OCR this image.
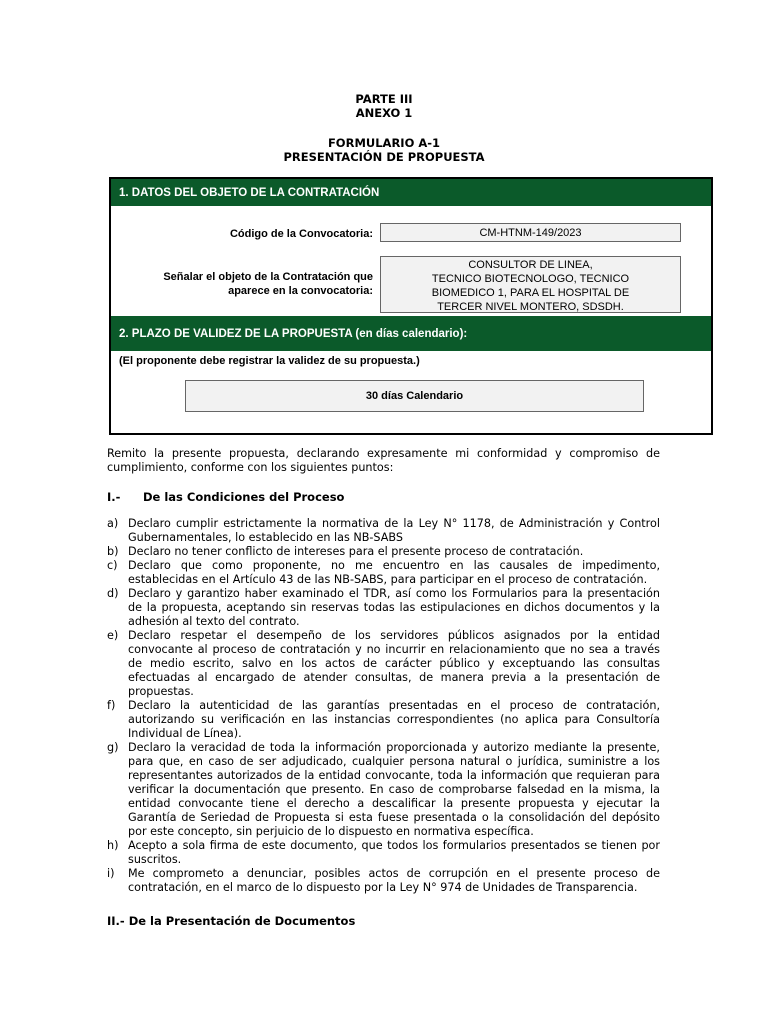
PARTE III
ANEXO 1
FORMULARIO A-1
PRESENTACIÓN DE PROPUESTA
1. DATOS DEL OBJETO DE LA CONTRATACIÓN
Código de la Convocatoria:	CM-HTNM-149/2023
Señalar el objeto de la Contratación que
aparece en la convocatoria:
CONSULTOR DE LINEA,
TECNICO BIOTECNOLOGO, TECNICO
BIOMEDICO 1, PARA EL HOSPITAL DE
TERCER NIVEL MONTERO, SDSDH.
2. PLAZO DE VALIDEZ DE LA PROPUESTA (en días calendario):
(El proponente debe registrar la validez de su propuesta.)
30 días Calendario
Remito la presente propuesta, declarando expresamente mi conformidad y compromiso de cumplimiento, conforme con los siguientes puntos:
I.- De las Condiciones del Proceso
a) Declaro cumplir estrictamente la normativa de la Ley N° 1178, de Administración y Control Gubernamentales, lo establecido en las NB-SABS
b) Declaro no tener conflicto de intereses para el presente proceso de contratación.
c) Declaro que como proponente, no me encuentro en las causales de impedimento, establecidas en el Artículo 43 de las NB-SABS, para participar en el proceso de contratación.
d) Declaro y garantizo haber examinado el TDR, así como los Formularios para la presentación de la propuesta, aceptando sin reservas todas las estipulaciones en dichos documentos y la adhesión al texto del contrato.
e) Declaro respetar el desempeño de los servidores públicos asignados por la entidad convocante al proceso de contratación y no incurrir en relacionamiento que no sea a través de medio escrito, salvo en los actos de carácter público y exceptuando las consultas efectuadas al encargado de atender consultas, de manera previa a la presentación de propuestas.
f) Declaro la autenticidad de las garantías presentadas en el proceso de contratación, autorizando su verificación en las instancias correspondientes (no aplica para Consultoría Individual de Línea).
g) Declaro la veracidad de toda la información proporcionada y autorizo mediante la presente, para que, en caso de ser adjudicado, cualquier persona natural o jurídica, suministre a los representantes autorizados de la entidad convocante, toda la información que requieran para verificar la documentación que presento. En caso de comprobarse falsedad en la misma, la entidad convocante tiene el derecho a descalificar la presente propuesta y ejecutar la Garantía de Seriedad de Propuesta si esta fuese presentada o la consolidación del depósito por este concepto, sin perjuicio de lo dispuesto en normativa específica.
h) Acepto a sola firma de este documento, que todos los formularios presentados se tienen por suscritos.
i) Me comprometo a denunciar, posibles actos de corrupción en el presente proceso de contratación, en el marco de lo dispuesto por la Ley N° 974 de Unidades de Transparencia.
II.- De la Presentación de Documentos
